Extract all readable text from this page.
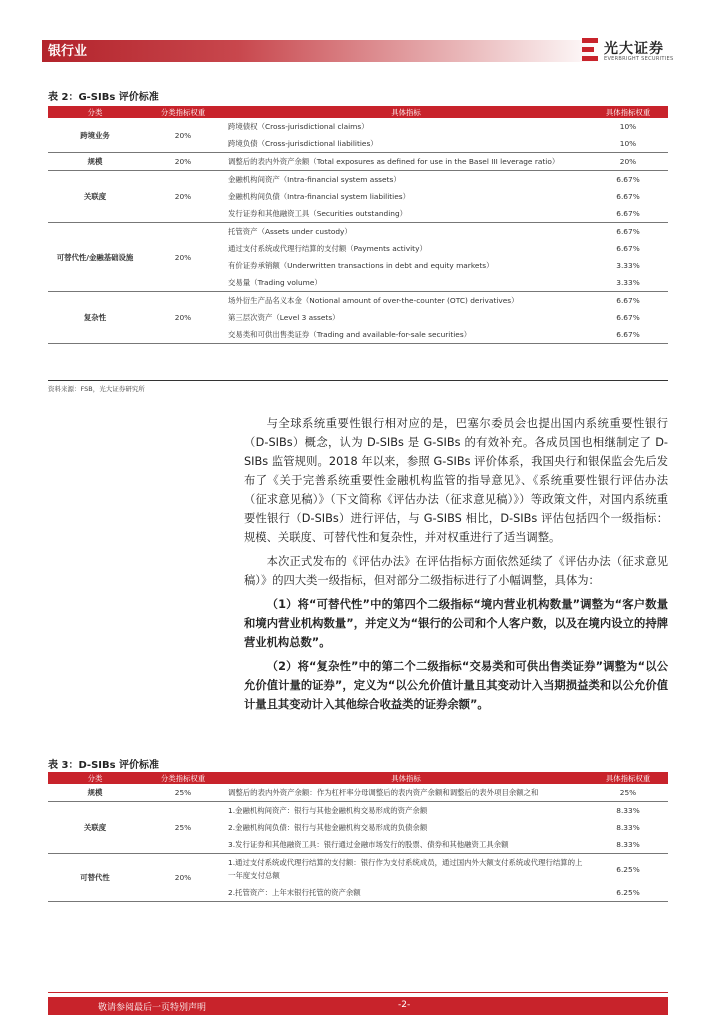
银行业	光大证券
EVERBRIGHT SECURITIES
表 2：G-SIBs 评价标准
分类	分类指标权重	具体指标	具体指标权重
跨境业务	20%	跨境债权（Cross-jurisdictional claims）	10%
		跨境负债（Cross-jurisdictional liabilities）	10%
规模	20%	调整后的表内外资产余额（Total exposures as defined for use in the Basel III leverage ratio）	20%
关联度	20%	金融机构间资产（Intra-financial system assets）	6.67%
		金融机构间负债（Intra-financial system liabilities）	6.67%
		发行证券和其他融资工具（Securities outstanding）	6.67%
可替代性/金融基础设施	20%	托管资产（Assets under custody）	6.67%
		通过支付系统或代理行结算的支付额（Payments activity）	6.67%
		有价证券承销额（Underwritten transactions in debt and equity markets）	3.33%
		交易量（Trading volume）	3.33%
复杂性	20%	场外衍生产品名义本金（Notional amount of over-the-counter (OTC) derivatives）	6.67%
		第三层次资产（Level 3 assets）	6.67%
		交易类和可供出售类证券（Trading and available-for-sale securities）	6.67%
资料来源：FSB，光大证券研究所

与全球系统重要性银行相对应的是，巴塞尔委员会也提出国内系统重要性银行（D-SIBs）概念，认为 D-SIBs 是 G-SIBs 的有效补充。各成员国也相继制定了 D-SIBs 监管规则。2018 年以来，参照 G-SIBs 评价体系，我国央行和银保监会先后发布了《关于完善系统重要性金融机构监管的指导意见》、《系统重要性银行评估办法（征求意见稿）》（下文简称《评估办法（征求意见稿）》）等政策文件，对国内系统重要性银行（D-SIBs）进行评估，与 G-SIBS 相比，D-SIBs 评估包括四个一级指标：规模、关联度、可替代性和复杂性，并对权重进行了适当调整。

本次正式发布的《评估办法》在评估指标方面依然延续了《评估办法（征求意见稿）》的四大类一级指标，但对部分二级指标进行了小幅调整，具体为：

（1）将“可替代性”中的第四个二级指标“境内营业机构数量”调整为“客户数量和境内营业机构数量”，并定义为“银行的公司和个人客户数，以及在境内设立的持牌营业机构总数”。

（2）将“复杂性”中的第二个二级指标“交易类和可供出售类证券”调整为“以公允价值计量的证券”，定义为“以公允价值计量且其变动计入当期损益类和以公允价值计量且其变动计入其他综合收益类的证券余额”。

表 3：D-SIBs 评价标准
分类	分类指标权重	具体指标	具体指标权重
规模	25%	调整后的表内外资产余额：作为杠杆率分母调整后的表内资产余额和调整后的表外项目余额之和	25%
关联度	25%	1.金融机构间资产：银行与其他金融机构交易形成的资产余额	8.33%
		2.金融机构间负债：银行与其他金融机构交易形成的负债余额	8.33%
		3.发行证券和其他融资工具：银行通过金融市场发行的股票、债券和其他融资工具余额	8.33%
可替代性	20%	1.通过支付系统或代理行结算的支付额：银行作为支付系统成员，通过国内外大额支付系统或代理行结算的上一年度支付总额	6.25%
		2.托管资产：上年末银行托管的资产余额	6.25%
敬请参阅最后一页特别声明	-2-
